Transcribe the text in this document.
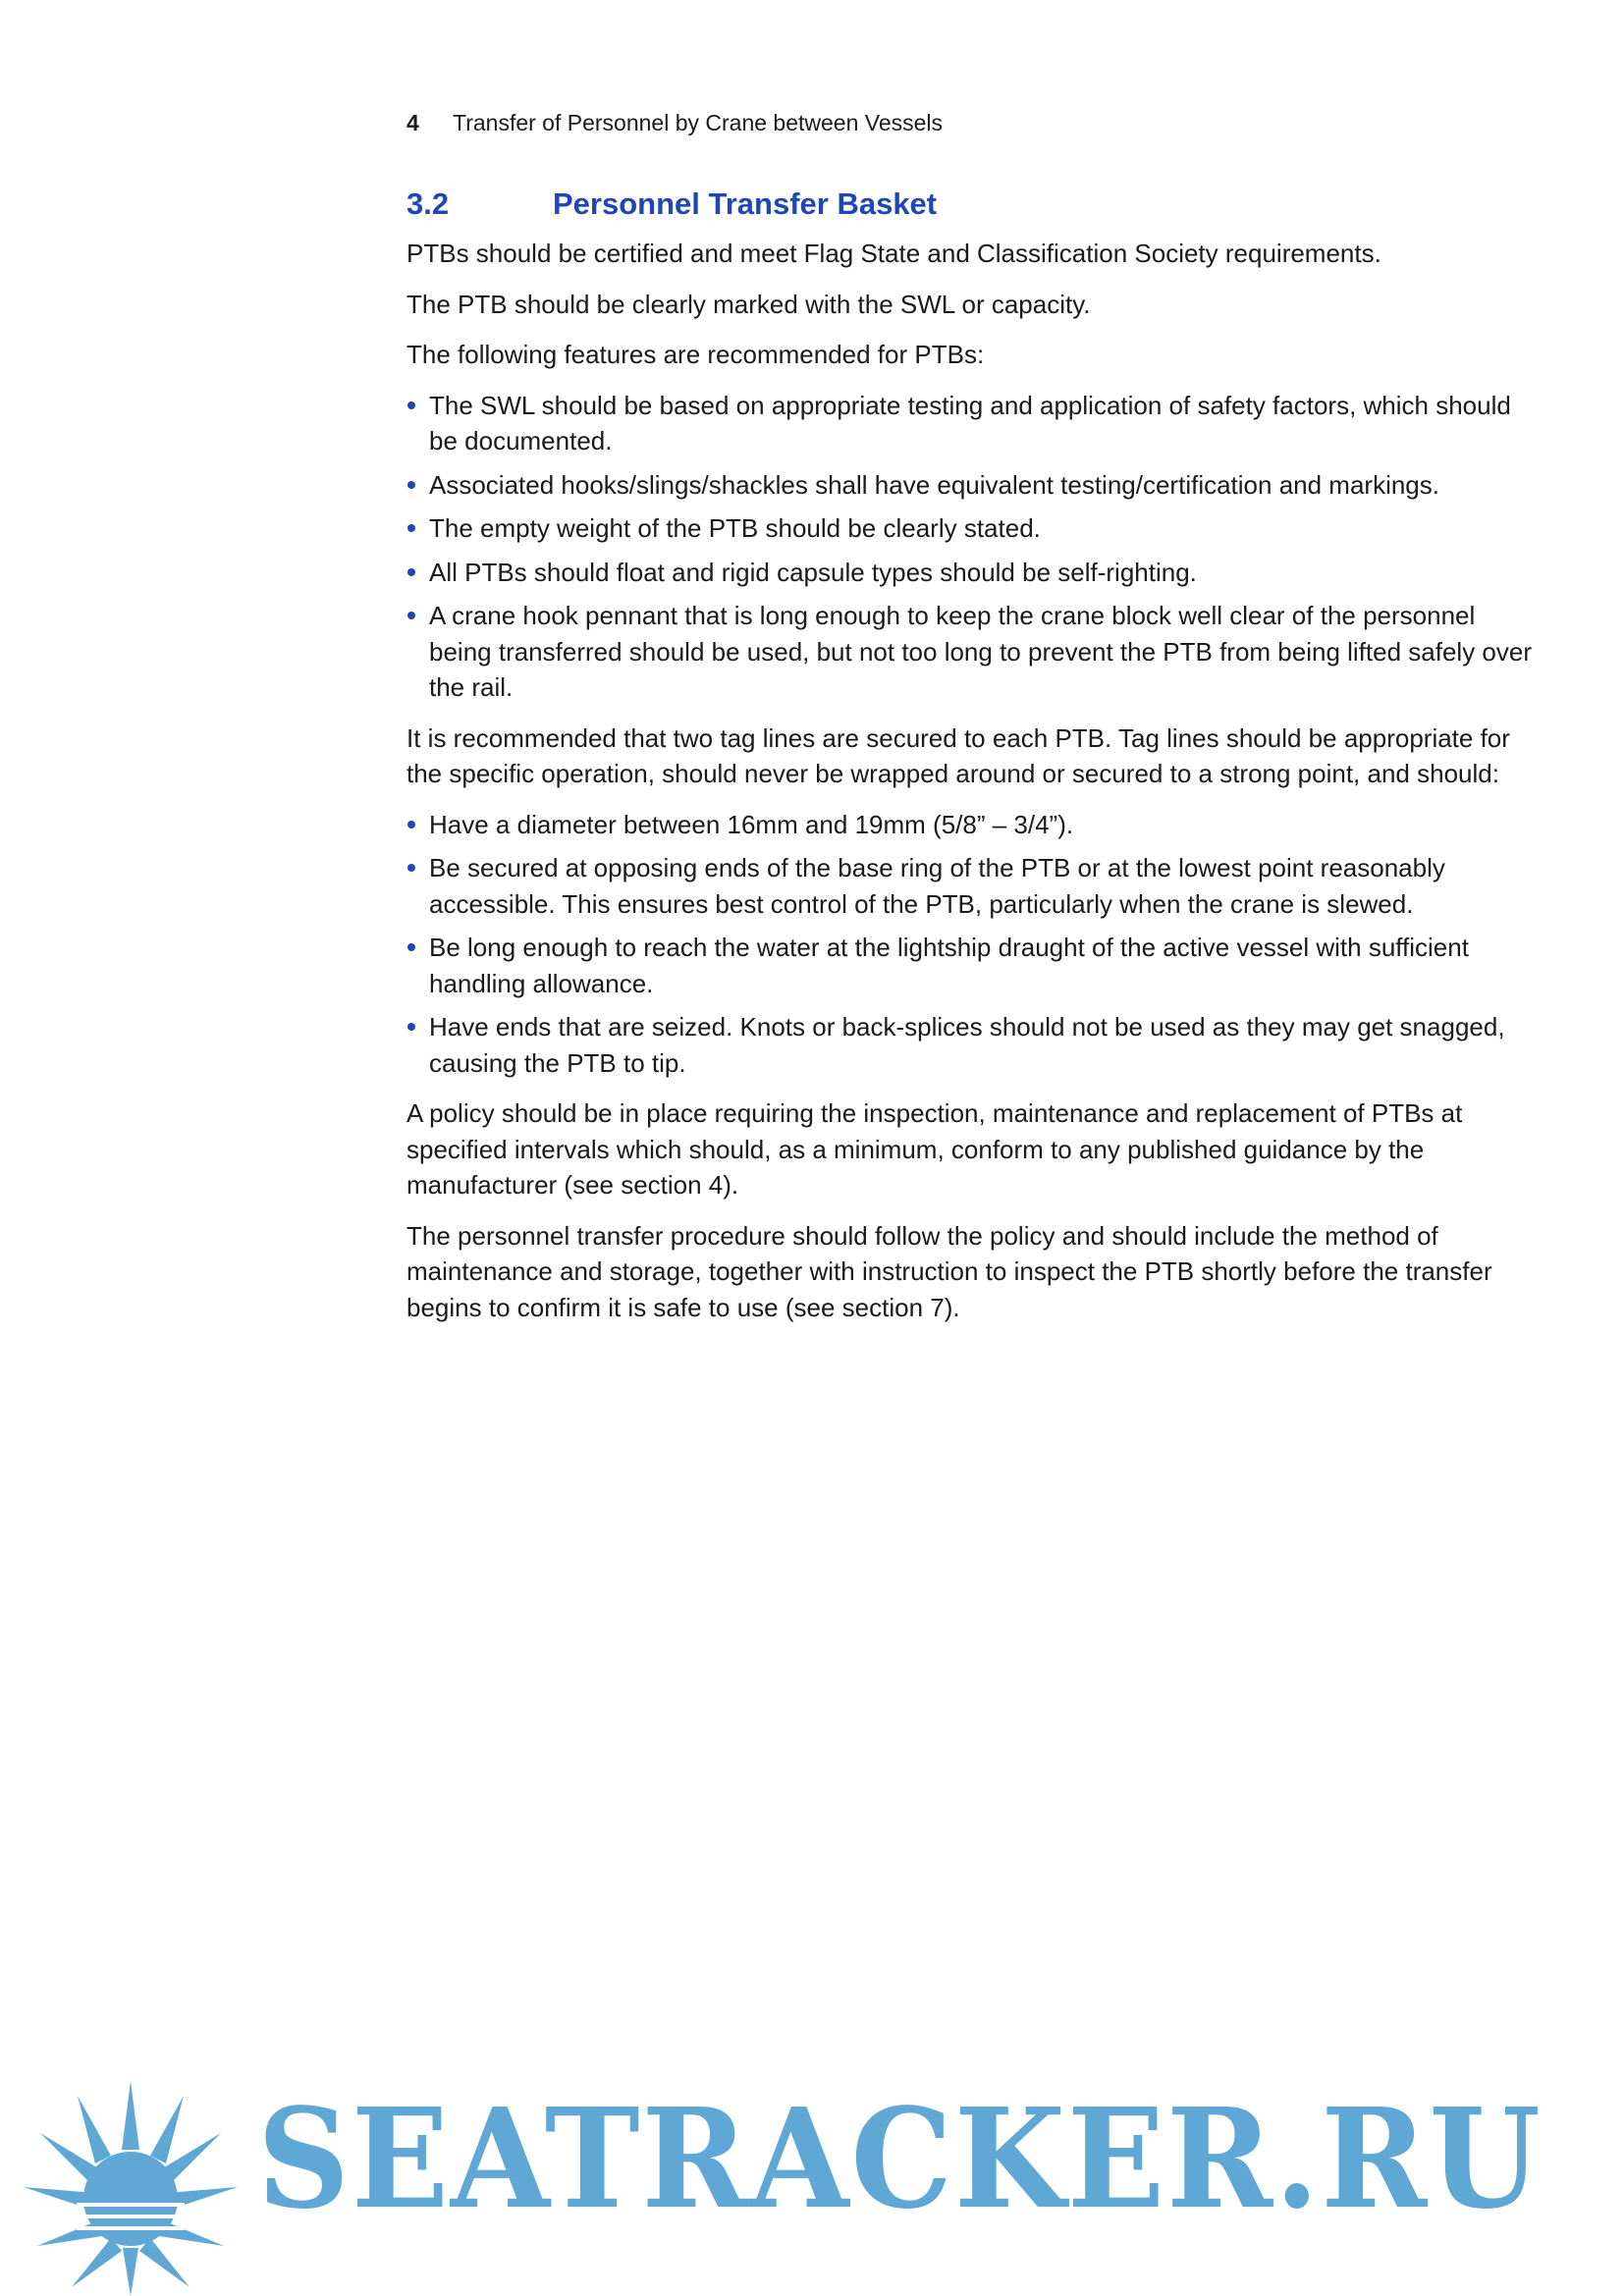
4	Transfer of Personnel by Crane between Vessels
3.2	Personnel Transfer Basket

PTBs should be certified and meet Flag State and Classification Society requirements.

The PTB should be clearly marked with the SWL or capacity.

The following features are recommended for PTBs:

The SWL should be based on appropriate testing and application of safety factors, which should be documented.
Associated hooks/slings/shackles shall have equivalent testing/certification and markings.
The empty weight of the PTB should be clearly stated.
All PTBs should float and rigid capsule types should be self-righting.
A crane hook pennant that is long enough to keep the crane block well clear of the personnel being transferred should be used, but not too long to prevent the PTB from being lifted safely over the rail.

It is recommended that two tag lines are secured to each PTB. Tag lines should be appropriate for the specific operation, should never be wrapped around or secured to a strong point, and should:

Have a diameter between 16mm and 19mm (5/8” – 3/4”).
Be secured at opposing ends of the base ring of the PTB or at the lowest point reasonably accessible. This ensures best control of the PTB, particularly when the crane is slewed.
Be long enough to reach the water at the lightship draught of the active vessel with sufficient handling allowance.
Have ends that are seized. Knots or back-splices should not be used as they may get snagged, causing the PTB to tip.

A policy should be in place requiring the inspection, maintenance and replacement of PTBs at specified intervals which should, as a minimum, conform to any published guidance by the manufacturer (see section 4).

The personnel transfer procedure should follow the policy and should include the method of maintenance and storage, together with instruction to inspect the PTB shortly before the transfer begins to confirm it is safe to use (see section 7).

SEATRACKER.RU
